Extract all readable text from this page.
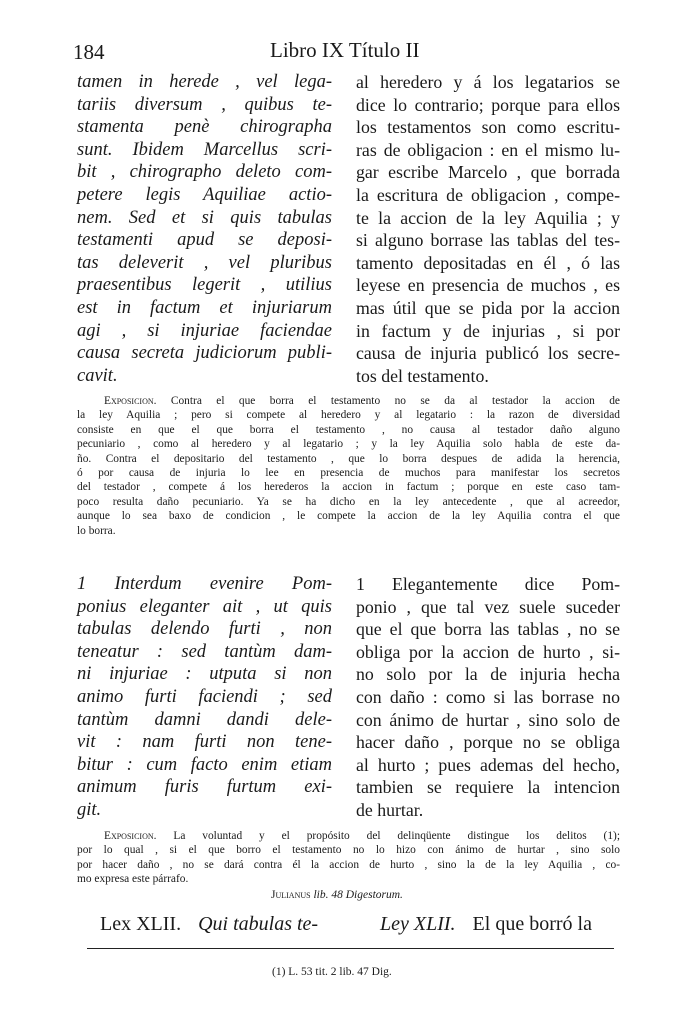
184	Libro IX Título II
tamen in herede , vel lega-
tariis diversum , quibus te-
stamenta penè chirographa
sunt. Ibidem Marcellus scri-
bit , chirographo deleto com-
petere legis Aquiliae actio-
nem. Sed et si quis tabulas
testamenti apud se deposi-
tas deleverit , vel pluribus
praesentibus legerit , utilius
est in factum et injuriarum
agi , si injuriae faciendae
causa secreta judiciorum publi-
cavit.
al heredero y á los legatarios se
dice lo contrario; porque para ellos
los testamentos son como escritu-
ras de obligacion : en el mismo lu-
gar escribe Marcelo , que borrada
la escritura de obligacion , compe-
te la accion de la ley Aquilia ; y
si alguno borrase las tablas del tes-
tamento depositadas en él , ó las
leyese en presencia de muchos , es
mas útil que se pida por la accion
in factum y de injurias , si por
causa de injuria publicó los secre-
tos del testamento.
Exposicion. Contra el que borra el testamento no se da al testador la accion de
la ley Aquilia ; pero si compete al heredero y al legatario : la razon de diversidad
consiste en que el que borra el testamento , no causa al testador daño alguno
pecuniario , como al heredero y al legatario ; y la ley Aquilia solo habla de este da-
ño. Contra el depositario del testamento , que lo borra despues de adida la herencia,
ó por causa de injuria lo lee en presencia de muchos para manifestar los secretos
del testador , compete á los herederos la accion in factum ; porque en este caso tam-
poco resulta daño pecuniario. Ya se ha dicho en la ley antecedente , que al acreedor,
aunque lo sea baxo de condicion , le compete la accion de la ley Aquilia contra el que
lo borra.
1 Interdum evenire Pom-
ponius eleganter ait , ut quis
tabulas delendo furti , non
teneatur : sed tantùm dam-
ni injuriae : utputa si non
animo furti faciendi ; sed
tantùm damni dandi dele-
vit : nam furti non tene-
bitur : cum facto enim etiam
animum furis furtum exi-
git.
1 Elegantemente dice Pom-
ponio , que tal vez suele suceder
que el que borra las tablas , no se
obliga por la accion de hurto , si-
no solo por la de injuria hecha
con daño : como si las borrase no
con ánimo de hurtar , sino solo de
hacer daño , porque no se obliga
al hurto ; pues ademas del hecho,
tambien se requiere la intencion
de hurtar.
Exposicion. La voluntad y el propósito del delinqüente distingue los delitos (1);
por lo qual , si el que borro el testamento no lo hizo con ánimo de hurtar , sino solo
por hacer daño , no se dará contra él la accion de hurto , sino la de la ley Aquilia , co-
mo expresa este párrafo.
Julianus lib. 48 Digestorum.
Lex XLII. Qui tabulas te-	Ley XLII. El que borró la
(1) L. 53 tit. 2 lib. 47 Dig.
